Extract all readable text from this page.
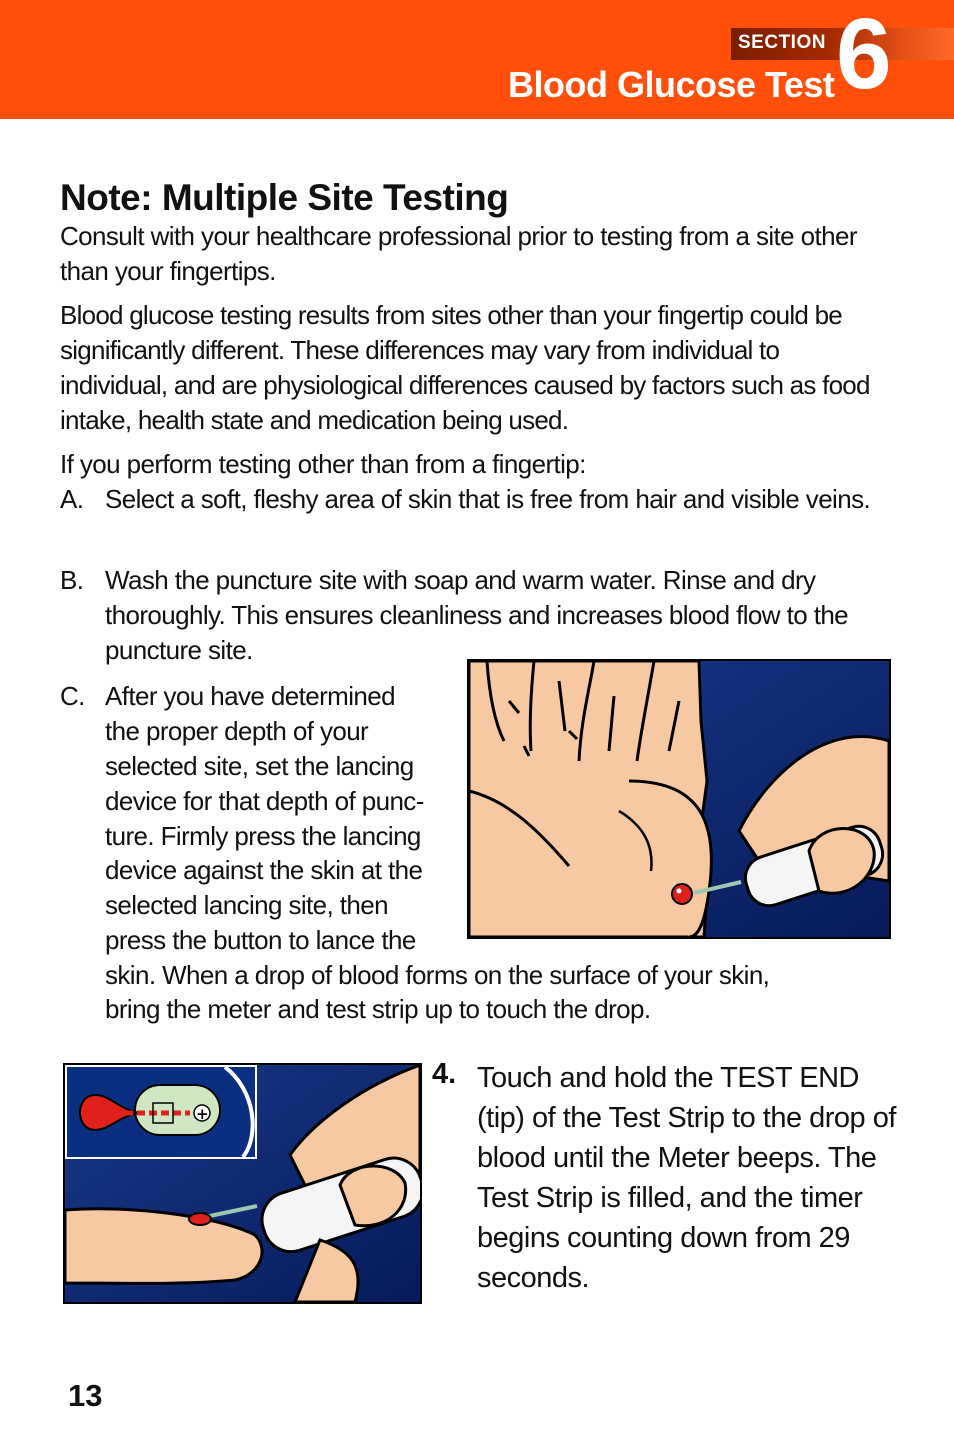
SECTION 6
Blood Glucose Test
Note: Multiple Site Testing

Consult with your healthcare professional prior to testing from a site other than your fingertips.

Blood glucose testing results from sites other than your fingertip could be significantly different. These differences may vary from individual to individual, and are physiological differences caused by factors such as food intake, health state and medication being used.

If you perform testing other than from a fingertip:

A. Select a soft, fleshy area of skin that is free from hair and visible veins.
B. Wash the puncture site with soap and warm water. Rinse and dry thoroughly. This ensures cleanliness and increases blood flow to the puncture site.
C. After you have determined
the proper depth of your
selected site, set the lancing
device for that depth of punc-
ture. Firmly press the lancing
device against the skin at the
selected lancing site, then
press the button to lance the
skin. When a drop of blood forms on the surface of your skin,
bring the meter and test strip up to touch the drop.
+
4. Touch and hold the TEST END (tip) of the Test Strip to the drop of blood until the Meter beeps. The Test Strip is filled, and the timer begins counting down from 29 seconds.

13
